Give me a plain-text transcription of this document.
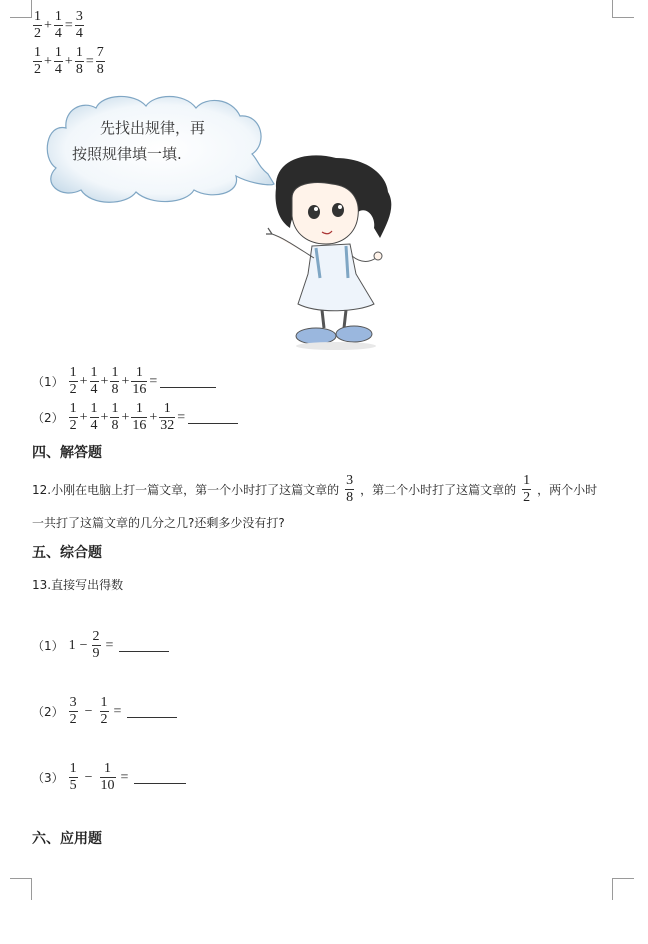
$\frac{1}{2} + \frac{1}{4} = \frac{3}{4}$
$\frac{1}{2} + \frac{1}{4} + \frac{1}{8} = \frac{7}{8}$
先找出规律，再
按照规律填一填.
$(1) \frac{1}{2} + \frac{1}{4} + \frac{1}{8} + \frac{1}{16}$ =
$(2) \frac{1}{2} + \frac{1}{4} + \frac{1}{8} + \frac{1}{16} + \frac{1}{32}$ =
四、解答题
12.小刚在电脑上打一篇文章，第一个小时打了这篇文章的 $\frac{3}{8}$ ，第二个小时打了这篇文章的 $\frac{1}{2}$ ，两个小时
一共打了这篇文章的几分之几?还剩多少没有打?
五、综合题
13.直接写出得数
（1） $1 - \frac{2}{9}$ =
$(2) \frac{3}{2} - \frac{1}{2}$ =
$(3) \frac{1}{5} - \frac{1}{10}$ =
六、应用题
